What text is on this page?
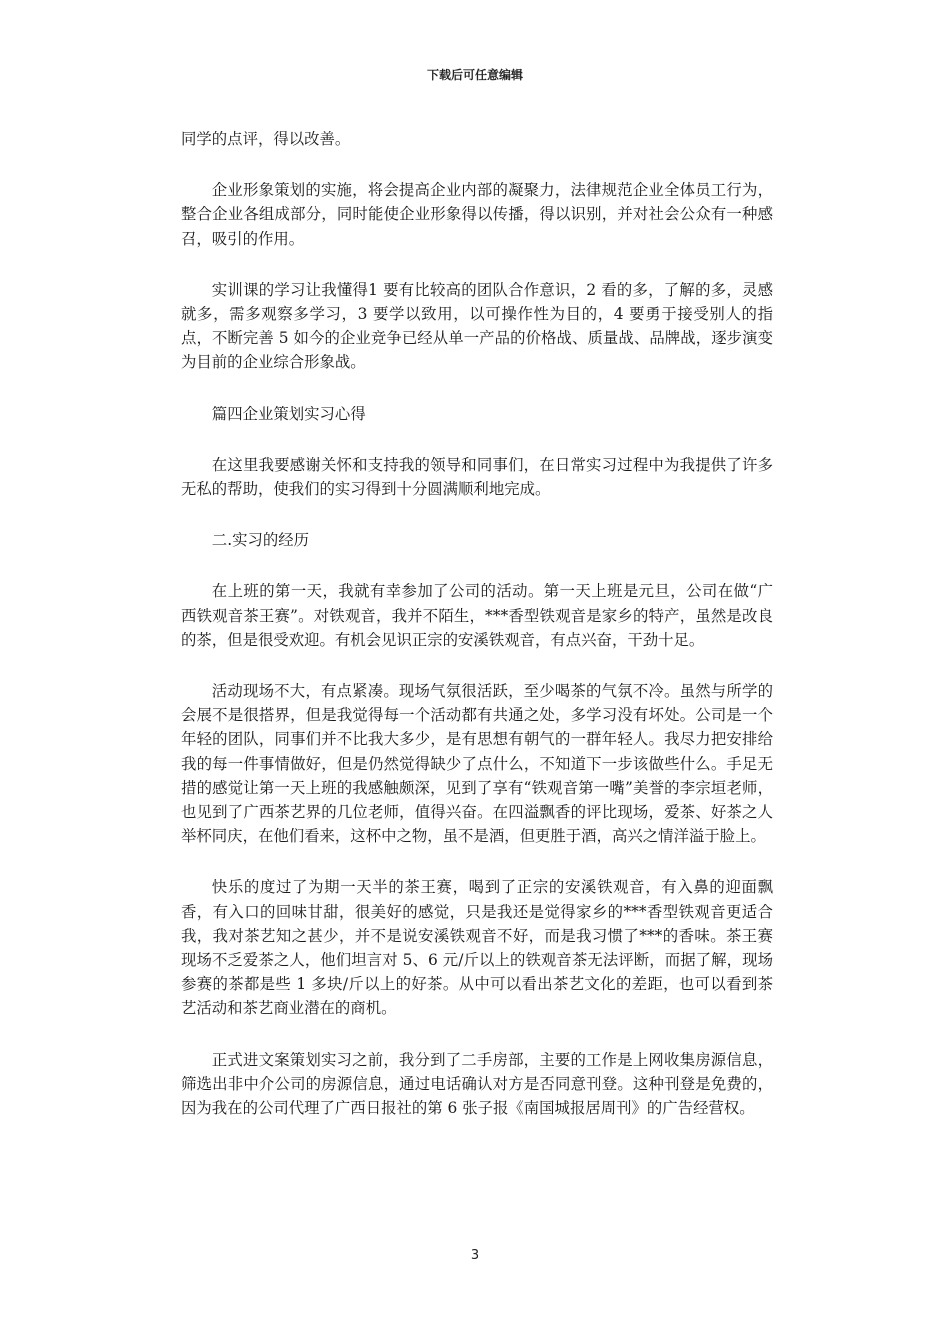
下载后可任意编辑

同学的点评，得以改善。

企业形象策划的实施，将会提高企业内部的凝聚力，法律规范企业全体员工行为，整合企业各组成部分，同时能使企业形象得以传播，得以识别，并对社会公众有一种感召，吸引的作用。

实训课的学习让我懂得1 要有比较高的团队合作意识，2 看的多，了解的多，灵感就多，需多观察多学习，3 要学以致用，以可操作性为目的，4 要勇于接受别人的指点，不断完善 5 如今的企业竞争已经从单一产品的价格战、质量战、品牌战，逐步演变为目前的企业综合形象战。

篇四企业策划实习心得

在这里我要感谢关怀和支持我的领导和同事们，在日常实习过程中为我提供了许多无私的帮助，使我们的实习得到十分圆满顺利地完成。

二.实习的经历

在上班的第一天，我就有幸参加了公司的活动。第一天上班是元旦，公司在做“广西铁观音茶王赛”。对铁观音，我并不陌生，***香型铁观音是家乡的特产，虽然是改良的茶，但是很受欢迎。有机会见识正宗的安溪铁观音，有点兴奋，干劲十足。

活动现场不大，有点紧凑。现场气氛很活跃，至少喝茶的气氛不冷。虽然与所学的会展不是很搭界，但是我觉得每一个活动都有共通之处，多学习没有坏处。公司是一个年轻的团队，同事们并不比我大多少，是有思想有朝气的一群年轻人。我尽力把安排给我的每一件事情做好，但是仍然觉得缺少了点什么，不知道下一步该做些什么。手足无措的感觉让第一天上班的我感触颇深，见到了享有“铁观音第一嘴”美誉的李宗垣老师，也见到了广西茶艺界的几位老师，值得兴奋。在四溢飘香的评比现场，爱茶、好茶之人举杯同庆，在他们看来，这杯中之物，虽不是酒，但更胜于酒，高兴之情洋溢于脸上。

快乐的度过了为期一天半的茶王赛，喝到了正宗的安溪铁观音，有入鼻的迎面飘香，有入口的回味甘甜，很美好的感觉，只是我还是觉得家乡的***香型铁观音更适合我，我对茶艺知之甚少，并不是说安溪铁观音不好，而是我习惯了***的香味。茶王赛现场不乏爱茶之人，他们坦言对 5、6 元/斤以上的铁观音茶无法评断，而据了解，现场参赛的茶都是些 1 多块/斤以上的好茶。从中可以看出茶艺文化的差距，也可以看到茶艺活动和茶艺商业潜在的商机。

正式进文案策划实习之前，我分到了二手房部，主要的工作是上网收集房源信息，筛选出非中介公司的房源信息，通过电话确认对方是否同意刊登。这种刊登是免费的，因为我在的公司代理了广西日报社的第 6 张子报《南国城报居周刊》的广告经营权。

3
